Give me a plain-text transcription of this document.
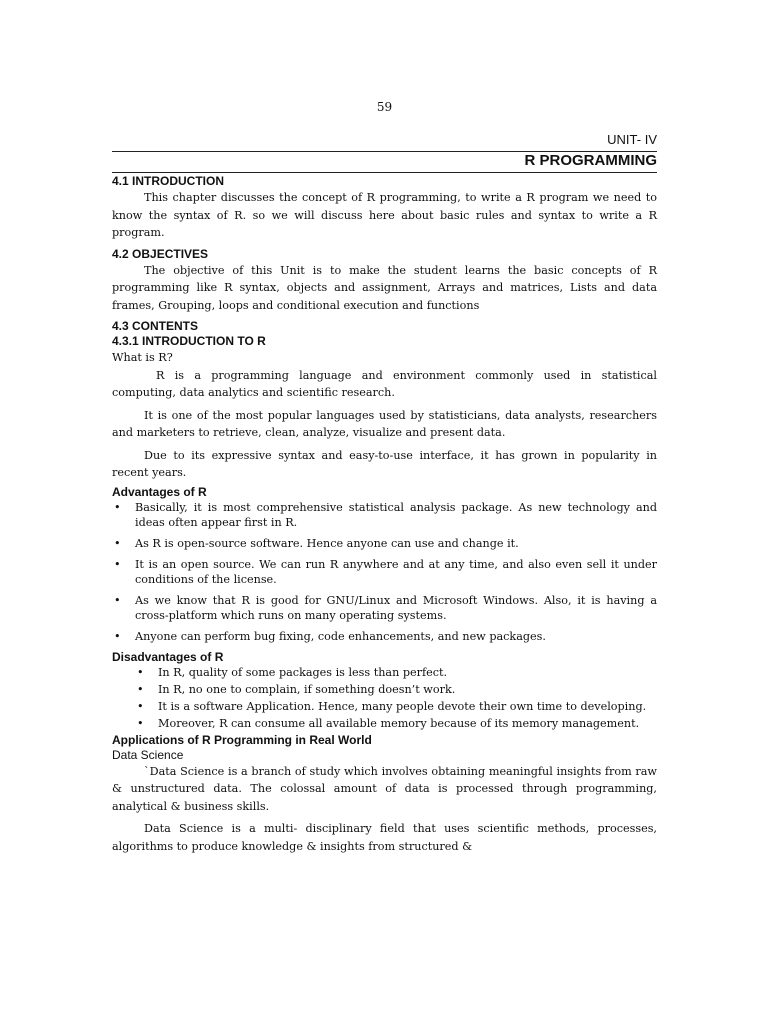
59
UNIT- IV
R PROGRAMMING

4.1 INTRODUCTION

This chapter discusses the concept of R programming, to write a R program we need to know the syntax of R. so we will discuss here about basic rules and syntax to write a R program.

4.2 OBJECTIVES

The objective of this Unit is to make the student learns the basic concepts of R programming like R syntax, objects and assignment, Arrays and matrices, Lists and data frames, Grouping, loops and conditional execution and functions

4.3 CONTENTS

4.3.1 INTRODUCTION TO R

What is R?

R is a programming language and environment commonly used in statistical computing, data analytics and scientific research.

It is one of the most popular languages used by statisticians, data analysts, researchers and marketers to retrieve, clean, analyze, visualize and present data.

Due to its expressive syntax and easy-to-use interface, it has grown in popularity in recent years.

Advantages of R

• Basically, it is most comprehensive statistical analysis package. As new technology and ideas often appear first in R.
• As R is open-source software. Hence anyone can use and change it.
• It is an open source. We can run R anywhere and at any time, and also even sell it under conditions of the license.
• As we know that R is good for GNU/Linux and Microsoft Windows. Also, it is having a cross-platform which runs on many operating systems.
• Anyone can perform bug fixing, code enhancements, and new packages.

Disadvantages of R

• In R, quality of some packages is less than perfect.
• In R, no one to complain, if something doesn’t work.
• It is a software Application. Hence, many people devote their own time to developing.
• Moreover, R can consume all available memory because of its memory management.

Applications of R Programming in Real World

Data Science

`Data Science is a branch of study which involves obtaining meaningful insights from raw & unstructured data. The colossal amount of data is processed through programming, analytical & business skills.

Data Science is a multi- disciplinary field that uses scientific methods, processes, algorithms to produce knowledge & insights from structured &
